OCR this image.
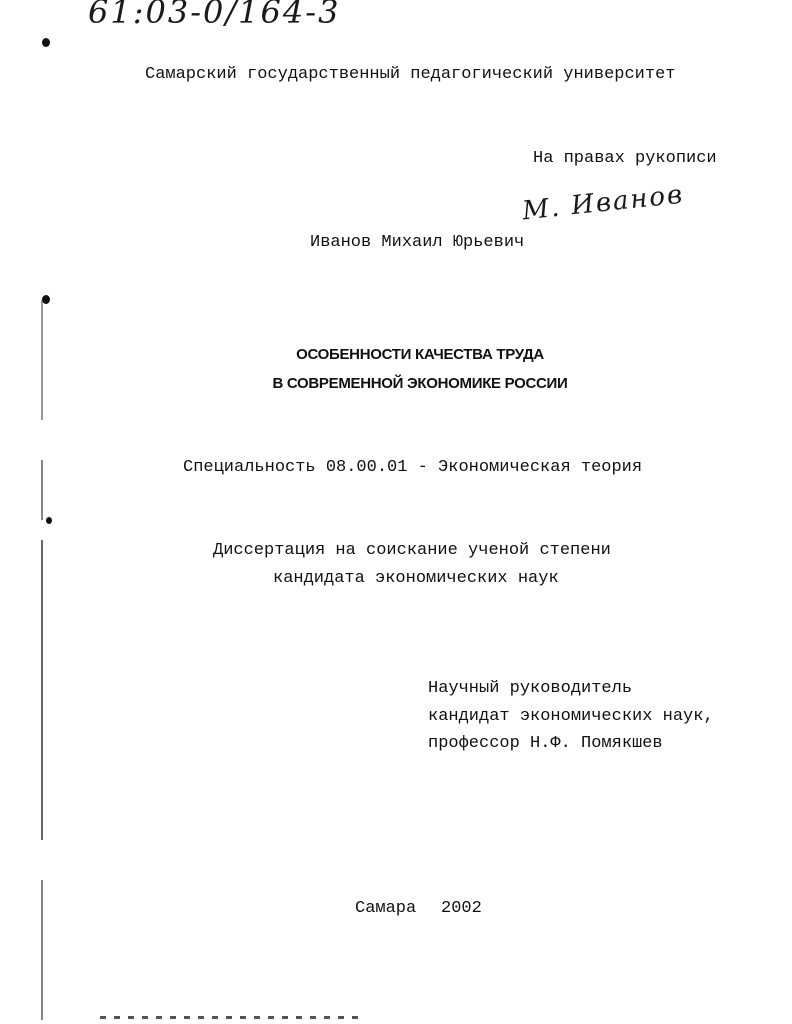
61:03-0/164-3
Самарский государственный педагогический университет
На правах рукописи
М. Иванов
Иванов Михаил Юрьевич
ОСОБЕННОСТИ КАЧЕСТВА ТРУДА
В СОВРЕМЕННОЙ ЭКОНОМИКЕ РОССИИ
Специальность 08.00.01 - Экономическая теория
Диссертация на соискание ученой степени
кандидата экономических наук
Научный руководитель
кандидат экономических наук,
профессор Н.Ф. Помякшев
Самара 2002
